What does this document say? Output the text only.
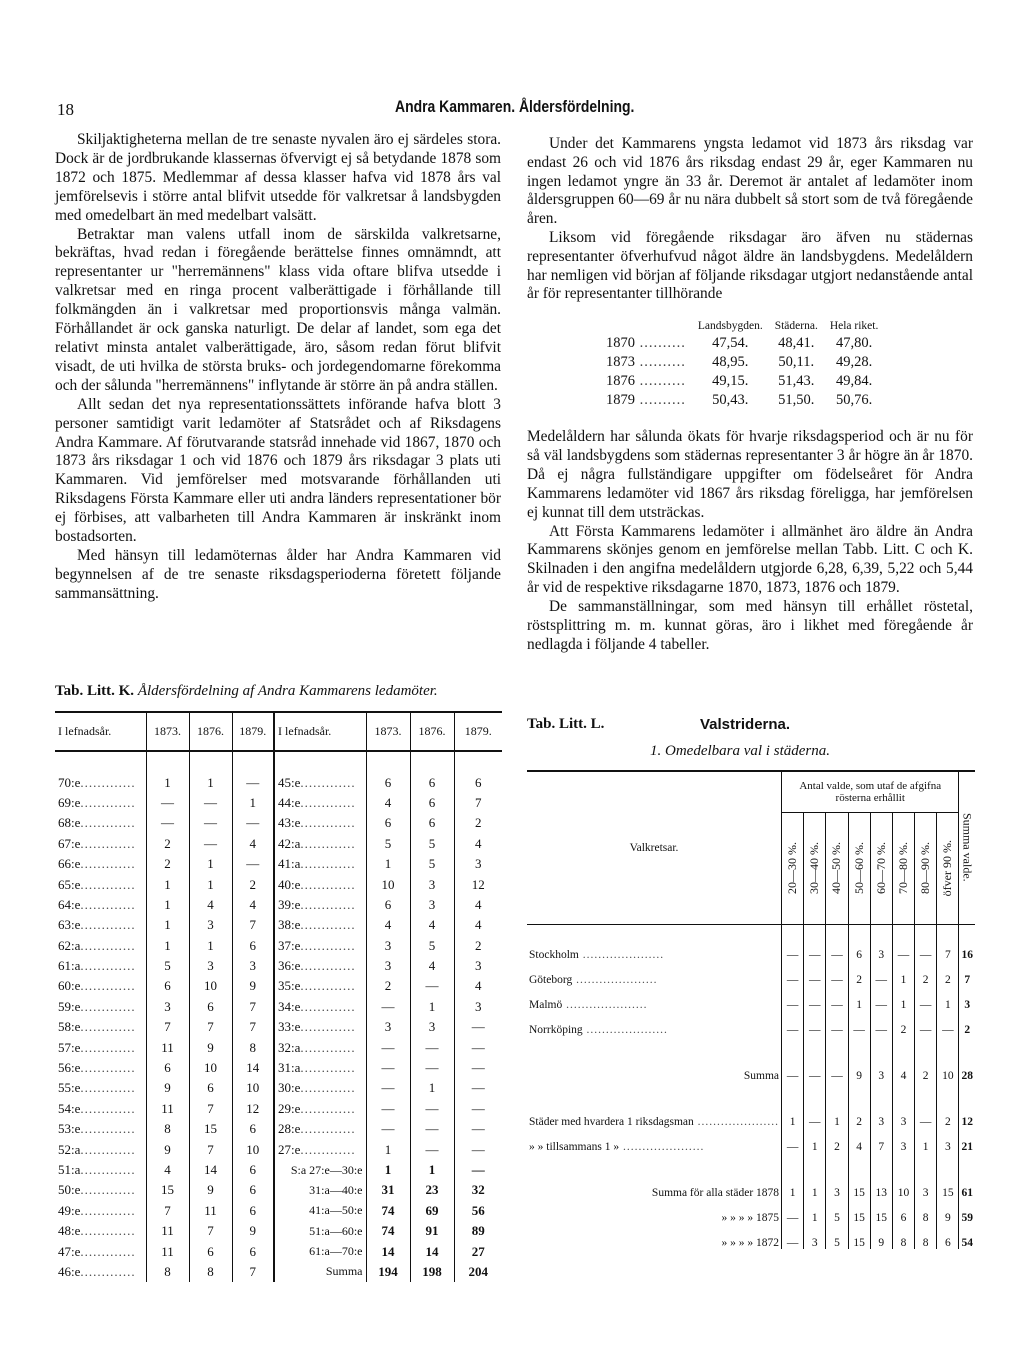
18	Andra Kammaren. Åldersfördelning.

Skiljaktigheterna mellan de tre senaste nyvalen äro ej särdeles stora. Dock är de jordbrukande klassernas öfvervigt ej så betydande 1878 som 1872 och 1875. Medlemmar af dessa klasser hafva vid 1878 års val jemförelsevis i större antal blifvit utsedde för valkretsar å landsbygden med omedelbart än med medelbart valsätt.

Betraktar man valens utfall inom de särskilda valkretsarne, bekräftas, hvad redan i föregående berättelse finnes omnämndt, att representanter ur "herremännens" klass vida oftare blifva utsedde i valkretsar med en ringa procent valberättigade i förhållande till folkmängden än i valkretsar med proportionsvis många valmän. Förhållandet är ock ganska naturligt. De delar af landet, som ega det relativt minsta antalet valberättigade, äro, såsom redan förut blifvit visadt, de uti hvilka de största bruks- och jordegendomarne förekomma och der sålunda "herremännens" inflytande är större än på andra ställen.

Allt sedan det nya representationssättets införande hafva blott 3 personer samtidigt varit ledamöter af Statsrådet och af Riksdagens Andra Kammare. Af förutvarande statsråd innehade vid 1867, 1870 och 1873 års riksdagar 1 och vid 1876 och 1879 års riksdagar 3 plats uti Kammaren. Vid jemförelser med motsvarande förhållanden uti Riksdagens Första Kammare eller uti andra länders representationer bör ej förbises, att valbarheten till Andra Kammaren är inskränkt inom bostadsorten.

Med hänsyn till ledamöternas ålder har Andra Kammaren vid begynnelsen af de tre senaste riksdagsperioderna företett följande sammansättning.

Tab. Litt. K. Åldersfördelning af Andra Kammarens ledamöter.
I lefnadsår.	1873.	1876.	1879.	I lefnadsår.	1873.	1876.	1879.

70:e.............	1	1	—	45:e.............	6	6	6
69:e.............	—	—	1	44:e.............	4	6	7
68:e.............	—	—	—	43:e.............	6	6	2
67:e.............	2	—	4	42:a.............	5	5	4
66:e.............	2	1	—	41:a.............	1	5	3
65:e.............	1	1	2	40:e.............	10	3	12
64:e.............	1	4	4	39:e.............	6	3	4
63:e.............	1	3	7	38:e.............	4	4	4
62:a.............	1	1	6	37:e.............	3	5	2
61:a.............	5	3	3	36:e.............	3	4	3
60:e.............	6	10	9	35:e.............	2	—	4
59:e.............	3	6	7	34:e.............	—	1	3
58:e.............	7	7	7	33:e.............	3	3	—
57:e.............	11	9	8	32:a.............	—	—	—
56:e.............	6	10	14	31:a.............	—	—	—
55:e.............	9	6	10	30:e.............	—	1	—
54:e.............	11	7	12	29:e.............	—	—	—
53:e.............	8	15	6	28:e.............	—	—	—
52:a.............	9	7	10	27:e.............	1	—	—
51:a.............	4	14	6	S:a 27:e—30:e	1	1	—
50:e.............	15	9	6	31:a—40:e	31	23	32
49:e.............	7	11	6	41:a—50:e	74	69	56
48:e.............	11	7	9	51:a—60:e	74	91	89
47:e.............	11	6	6	61:a—70:e	14	14	27
46:e.............	8	8	7	Summa	194	198	204

Under det Kammarens yngsta ledamot vid 1873 års riksdag var endast 26 och vid 1876 års riksdag endast 29 år, eger Kammaren nu ingen ledamot yngre än 33 år. Deremot är antalet af ledamöter inom åldersgruppen 60—69 år nu nära dubbelt så stort som de två föregående åren.

Liksom vid föregående riksdagar äro äfven nu städernas representanter öfverhufvud något äldre än landsbygdens. Medelåldern har nemligen vid början af följande riksdagar utgjort nedanstående antal år för representanter tillhörande

	Landsbygden.	Städerna.	Hela riket.
1870 ..........	47,54.	48,41.	47,80.
1873 ..........	48,95.	50,11.	49,28.
1876 ..........	49,15.	51,43.	49,84.
1879 ..........	50,43.	51,50.	50,76.

Medelåldern har sålunda ökats för hvarje riksdagsperiod och är nu för så väl landsbygdens som städernas representanter 3 år högre än år 1870. Då ej några fullständigare uppgifter om födelseåret för Andra Kammarens ledamöter vid 1867 års riksdag föreligga, har jemförelsen ej kunnat till dem utsträckas.

Att Första Kammarens ledamöter i allmänhet äro äldre än Andra Kammarens skönjes genom en jemförelse mellan Tabb. Litt. C och K. Skilnaden i den angifna medelåldern utgjorde 6,28, 6,39, 5,22 och 5,44 år vid de respektive riksdagarne 1870, 1873, 1876 och 1879.

De sammanställningar, som med hänsyn till erhållet röstetal, röstsplittring m. m. kunnat göras, äro i likhet med föregående år nedlagda i följande 4 tabeller.

Tab. Litt. L.	Valstriderna.
1. Omedelbara val i städerna.
Valkretsar.	Antal valde, som utaf de afgifna rösterna erhållit								Summa valde.

	20—30 %.	30—40 %.	40—50 %.	50—60 %.	60—70 %.	70—80 %.	80—90 %.	öfver 90 %.	

Stockholm .....................	—	—	—	6	3	—	—	7	16
Göteborg .....................	—	—	—	2	—	1	2	2	7
Malmö .....................	—	—	—	1	—	1	—	1	3
Norrköping .....................	—	—	—	—	—	2	—	—	2
Summa	—	—	—	9	3	4	2	10	28
Städer med hvardera 1 riksdagsman .....................	1	—	1	2	3	3	—	2	12
» » tillsammans 1 » .....................	—	1	2	4	7	3	1	3	21
Summa för alla städer 1878	1	1	3	15	13	10	3	15	61
» » » » 1875	—	1	5	15	15	6	8	9	59
» » » » 1872	—	3	5	15	9	8	8	6	54
